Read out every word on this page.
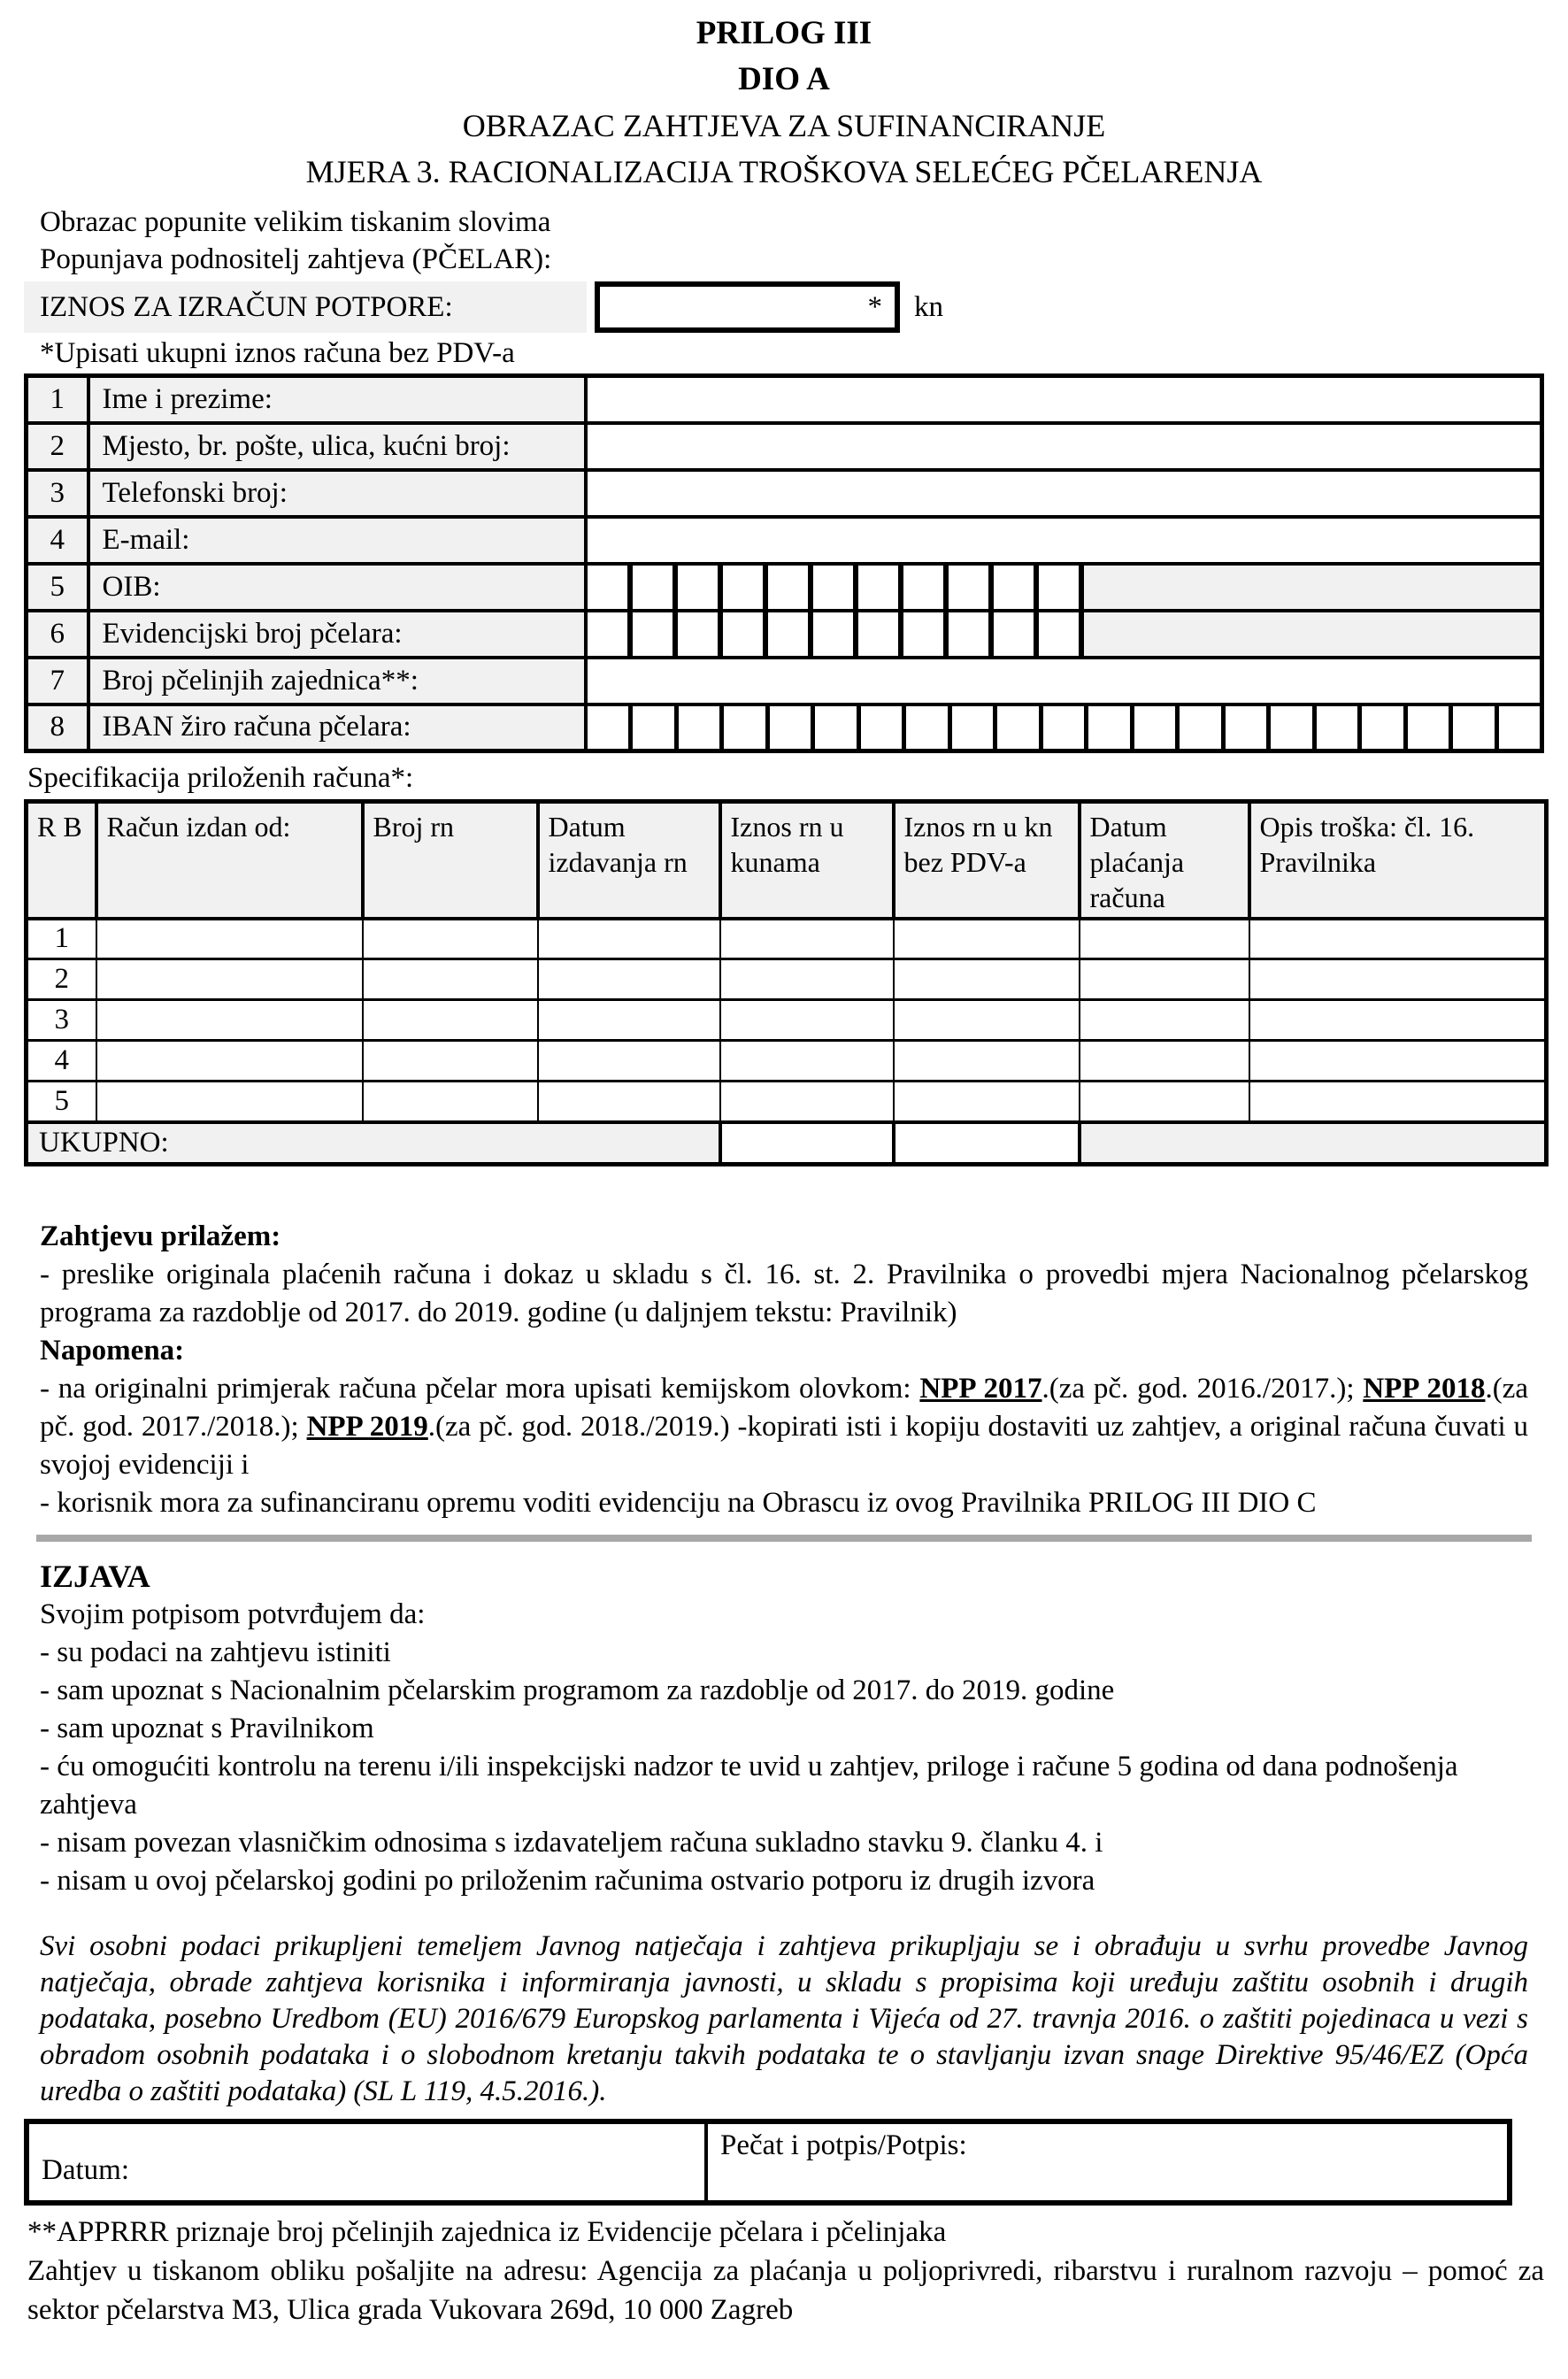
PRILOG III
DIO A
OBRAZAC ZAHTJEVA ZA SUFINANCIRANJE
MJERA 3. RACIONALIZACIJA TROŠKOVA SELEĆEG PČELARENJA
Obrazac popunite velikim tiskanim slovima
Popunjava podnositelj zahtjeva (PČELAR):
IZNOS ZA IZRAČUN POTPORE:	*	kn
*Upisati ukupni iznos računa bez PDV-a
1	Ime i prezime:	
2	Mjesto, br. pošte, ulica, kućni broj:	
3	Telefonski broj:	
4	E-mail:	
5	OIB:	

6	Evidencijski broj pčelara:	

7	Broj pčelinjih zajednica**:	
8	IBAN žiro računa pčelara:	
Specifikacija priloženih računa*:
R B	Račun izdan od:	Broj rn	Datum izdavanja rn	Iznos rn u kunama	Iznos rn u kn bez PDV-a	Datum plaćanja računa	Opis troška: čl. 16. Pravilnika
1							
2							
3							
4							
5							
UKUPNO:							
Zahtjevu prilažem:
- preslike originala plaćenih računa i dokaz u skladu s čl. 16. st. 2. Pravilnika o provedbi mjera Nacionalnog pčelarskog programa za razdoblje od 2017. do 2019. godine (u daljnjem tekstu: Pravilnik)
Napomena:
- na originalni primjerak računa pčelar mora upisati kemijskom olovkom: NPP 2017.(za pč. god. 2016./2017.); NPP 2018.(za pč. god. 2017./2018.); NPP 2019.(za pč. god. 2018./2019.) -kopirati isti i kopiju dostaviti uz zahtjev, a original računa čuvati u svojoj evidenciji i
- korisnik mora za sufinanciranu opremu voditi evidenciju na Obrascu iz ovog Pravilnika PRILOG III DIO C
IZJAVA
Svojim potpisom potvrđujem da:
- su podaci na zahtjevu istiniti
- sam upoznat s Nacionalnim pčelarskim programom za razdoblje od 2017. do 2019. godine
- sam upoznat s Pravilnikom
- ću omogućiti kontrolu na terenu i/ili inspekcijski nadzor te uvid u zahtjev, priloge i račune 5 godina od dana podnošenja zahtjeva
- nisam povezan vlasničkim odnosima s izdavateljem računa sukladno stavku 9. članku 4. i
- nisam u ovoj pčelarskoj godini po priloženim računima ostvario potporu iz drugih izvora
Svi osobni podaci prikupljeni temeljem Javnog natječaja i zahtjeva prikupljaju se i obrađuju u svrhu provedbe Javnog natječaja, obrade zahtjeva korisnika i informiranja javnosti, u skladu s propisima koji uređuju zaštitu osobnih i drugih podataka, posebno Uredbom (EU) 2016/679 Europskog parlamenta i Vijeća od 27. travnja 2016. o zaštiti pojedinaca u vezi s obradom osobnih podataka i o slobodnom kretanju takvih podataka te o stavljanju izvan snage Direktive 95/46/EZ (Opća uredba o zaštiti podataka) (SL L 119, 4.5.2016.).
Datum:	Pečat i potpis/Potpis:
**APPRRR priznaje broj pčelinjih zajednica iz Evidencije pčelara i pčelinjaka
Zahtjev u tiskanom obliku pošaljite na adresu: Agencija za plaćanja u poljoprivredi, ribarstvu i ruralnom razvoju – pomoć za sektor pčelarstva M3, Ulica grada Vukovara 269d, 10 000 Zagreb
